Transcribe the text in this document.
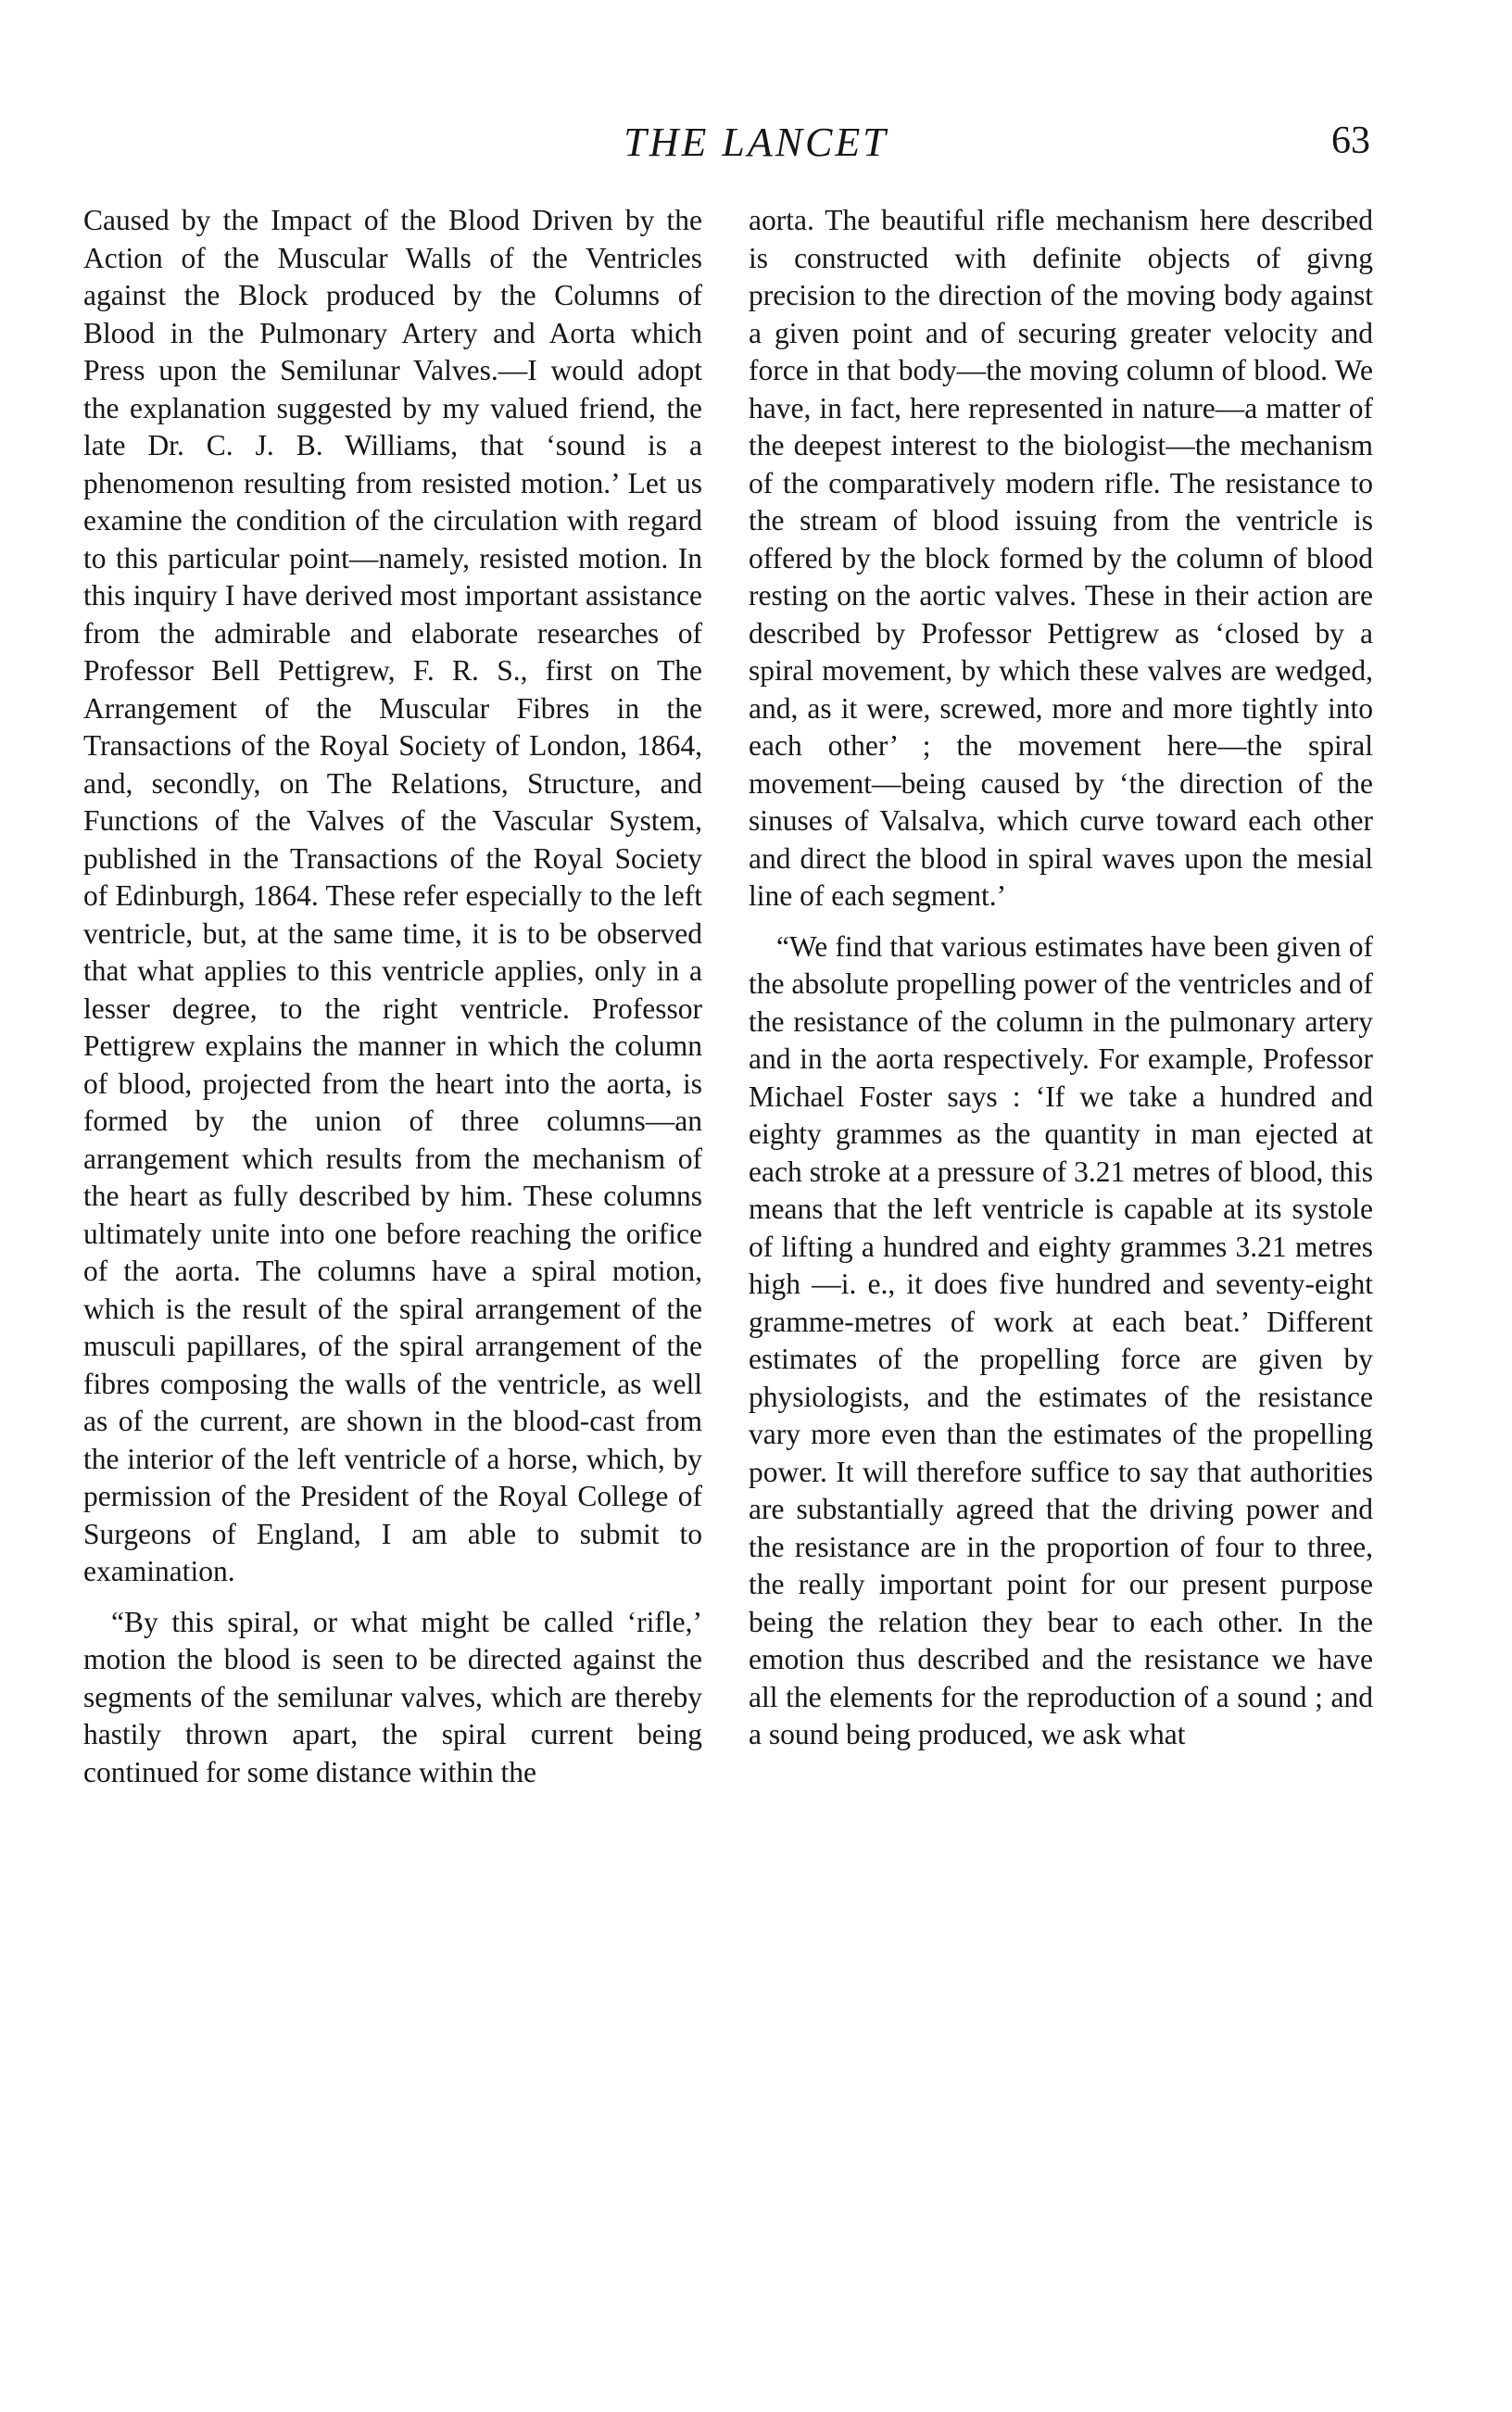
THE LANCET	63

Caused by the Impact of the Blood Driven by the Action of the Muscular Walls of the Ventricles against the Block produced by the Columns of Blood in the Pulmonary Artery and Aorta which Press upon the Semilunar Valves.—I would adopt the explanation suggested by my valued friend, the late Dr. C. J. B. Williams, that ‘sound is a phenomenon resulting from resisted motion.’ Let us examine the condition of the circulation with regard to this particular point—namely, resisted motion. In this inquiry I have derived most important assistance from the admirable and elaborate researches of Professor Bell Pettigrew, F. R. S., first on The Arrangement of the Muscular Fibres in the Transactions of the Royal Society of London, 1864, and, secondly, on The Relations, Structure, and Functions of the Valves of the Vascular System, published in the Transactions of the Royal Society of Edinburgh, 1864. These refer especially to the left ventricle, but, at the same time, it is to be observed that what applies to this ventricle applies, only in a lesser degree, to the right ventricle. Professor Pettigrew explains the manner in which the column of blood, projected from the heart into the aorta, is formed by the union of three columns—an arrangement which results from the mechanism of the heart as fully described by him. These columns ultimately unite into one before reaching the orifice of the aorta. The columns have a spiral motion, which is the result of the spiral arrangement of the musculi papillares, of the spiral arrangement of the fibres composing the walls of the ventricle, as well as of the current, are shown in the blood-cast from the interior of the left ventricle of a horse, which, by permission of the President of the Royal College of Surgeons of England, I am able to submit to examination.

“By this spiral, or what might be called ‘rifle,’ motion the blood is seen to be directed against the segments of the semilunar valves, which are thereby hastily thrown apart, the spiral current being continued for some distance within the

aorta. The beautiful rifle mechanism here described is constructed with definite objects of givng precision to the direction of the moving body against a given point and of securing greater velocity and force in that body—the moving column of blood. We have, in fact, here represented in nature—a matter of the deepest interest to the biologist—the mechanism of the comparatively modern rifle. The resistance to the stream of blood issuing from the ventricle is offered by the block formed by the column of blood resting on the aortic valves. These in their action are described by Professor Pettigrew as ‘closed by a spiral movement, by which these valves are wedged, and, as it were, screwed, more and more tightly into each other’ ; the movement here—the spiral movement—being caused by ‘the direction of the sinuses of Valsalva, which curve toward each other and direct the blood in spiral waves upon the mesial line of each segment.’

“We find that various estimates have been given of the absolute propelling power of the ventricles and of the resistance of the column in the pulmonary artery and in the aorta respectively. For example, Professor Michael Foster says : ‘If we take a hundred and eighty grammes as the quantity in man ejected at each stroke at a pressure of 3.21 metres of blood, this means that the left ventricle is capable at its systole of lifting a hundred and eighty grammes 3.21 metres high —i. e., it does five hundred and seventy-eight gramme-metres of work at each beat.’ Different estimates of the propelling force are given by physiologists, and the estimates of the resistance vary more even than the estimates of the propelling power. It will therefore suffice to say that authorities are substantially agreed that the driving power and the resistance are in the proportion of four to three, the really important point for our present purpose being the relation they bear to each other. In the emotion thus described and the resistance we have all the elements for the reproduction of a sound ; and a sound being produced, we ask what
